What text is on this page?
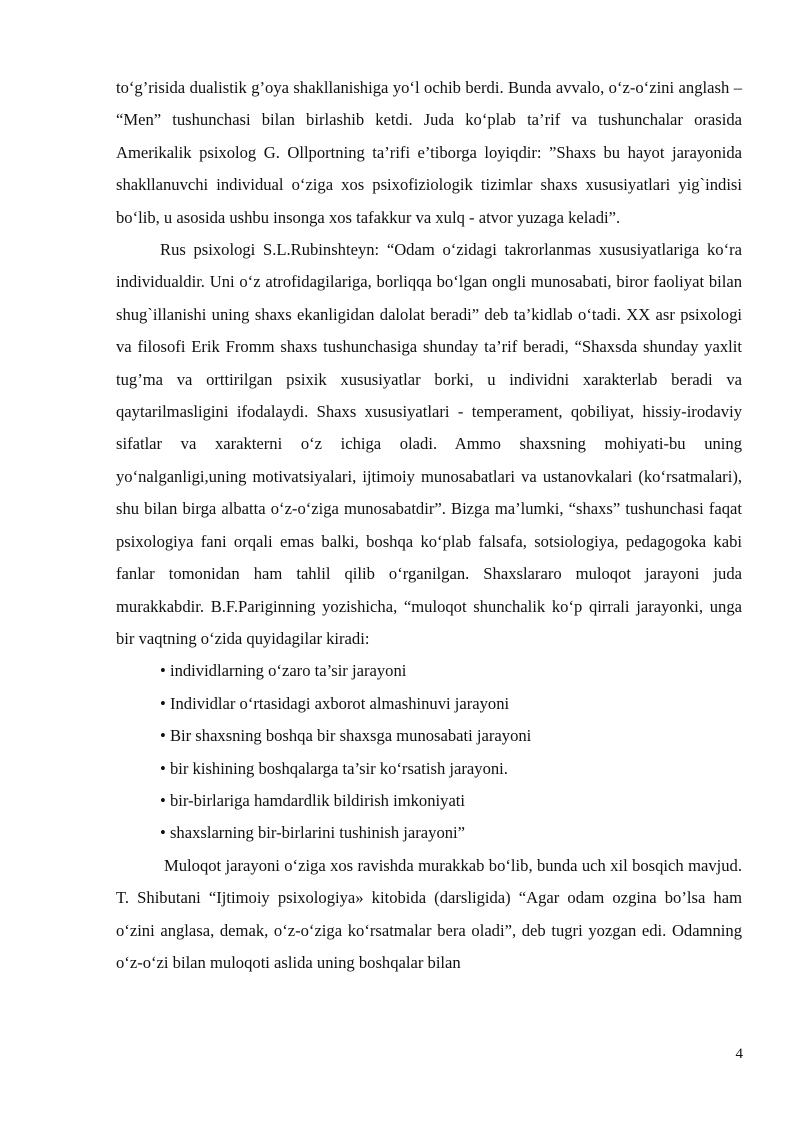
to‘g’risida dualistik g’oya shakllanishiga yo‘l ochib berdi. Bunda avvalo, o‘z-o‘zini anglash – “Men” tushunchasi bilan birlashib ketdi. Juda ko‘plab ta’rif va tushunchalar orasida Amerikalik psixolog G. Ollportning ta’rifi e’tiborga loyiqdir: ”Shaxs bu hayot jarayonida shakllanuvchi individual o‘ziga xos psixofiziologik tizimlar shaxs xususiyatlari yig`indisi bo‘lib, u asosida ushbu insonga xos tafakkur va xulq - atvor yuzaga keladi”.

Rus psixologi S.L.Rubinshteyn: “Odam o‘zidagi takrorlanmas xususiyatlariga ko‘ra individualdir. Uni o‘z atrofidagilariga, borliqqa bo‘lgan ongli munosabati, biror faoliyat bilan shug`illanishi uning shaxs ekanligidan dalolat beradi” deb ta’kidlab o‘tadi. XX asr psixologi va filosofi Erik Fromm shaxs tushunchasiga shunday ta’rif beradi, “Shaxsda shunday yaxlit tug’ma va orttirilgan psixik xususiyatlar borki, u individni xarakterlab beradi va qaytarilmasligini ifodalaydi. Shaxs xususiyatlari - temperament, qobiliyat, hissiy-irodaviy sifatlar va xarakterni o‘z ichiga oladi. Ammo shaxsning mohiyati-bu uning yo‘nalganligi,uning motivatsiyalari, ijtimoiy munosabatlari va ustanovkalari (ko‘rsatmalari), shu bilan birga albatta o‘z-o‘ziga munosabatdir”. Bizga ma’lumki, “shaxs” tushunchasi faqat psixologiya fani orqali emas balki, boshqa ko‘plab falsafa, sotsiologiya, pedagogoka kabi fanlar tomonidan ham tahlil qilib o‘rganilgan. Shaxslararo muloqot jarayoni juda murakkabdir. B.F.Pariginning yozishicha, “muloqot shunchalik ko‘p qirrali jarayonki, unga bir vaqtning o‘zida quyidagilar kiradi:

• individlarning o‘zaro ta’sir jarayoni
• Individlar o‘rtasidagi axborot almashinuvi jarayoni
• Bir shaxsning boshqa bir shaxsga munosabati jarayoni
• bir kishining boshqalarga ta’sir ko‘rsatish jarayoni.
• bir-birlariga hamdardlik bildirish imkoniyati
• shaxslarning bir-birlarini tushinish jarayoni”

Muloqot jarayoni o‘ziga xos ravishda murakkab bo‘lib, bunda uch xil bosqich mavjud. T. Shibutani “Ijtimoiy psixologiya» kitobida (darsligida) “Agar odam ozgina bo’lsa ham o‘zini anglasa, demak, o‘z-o‘ziga ko‘rsatmalar bera oladi”, deb tugri yozgan edi. Odamning o‘z-o‘zi bilan muloqoti aslida uning boshqalar bilan

4
